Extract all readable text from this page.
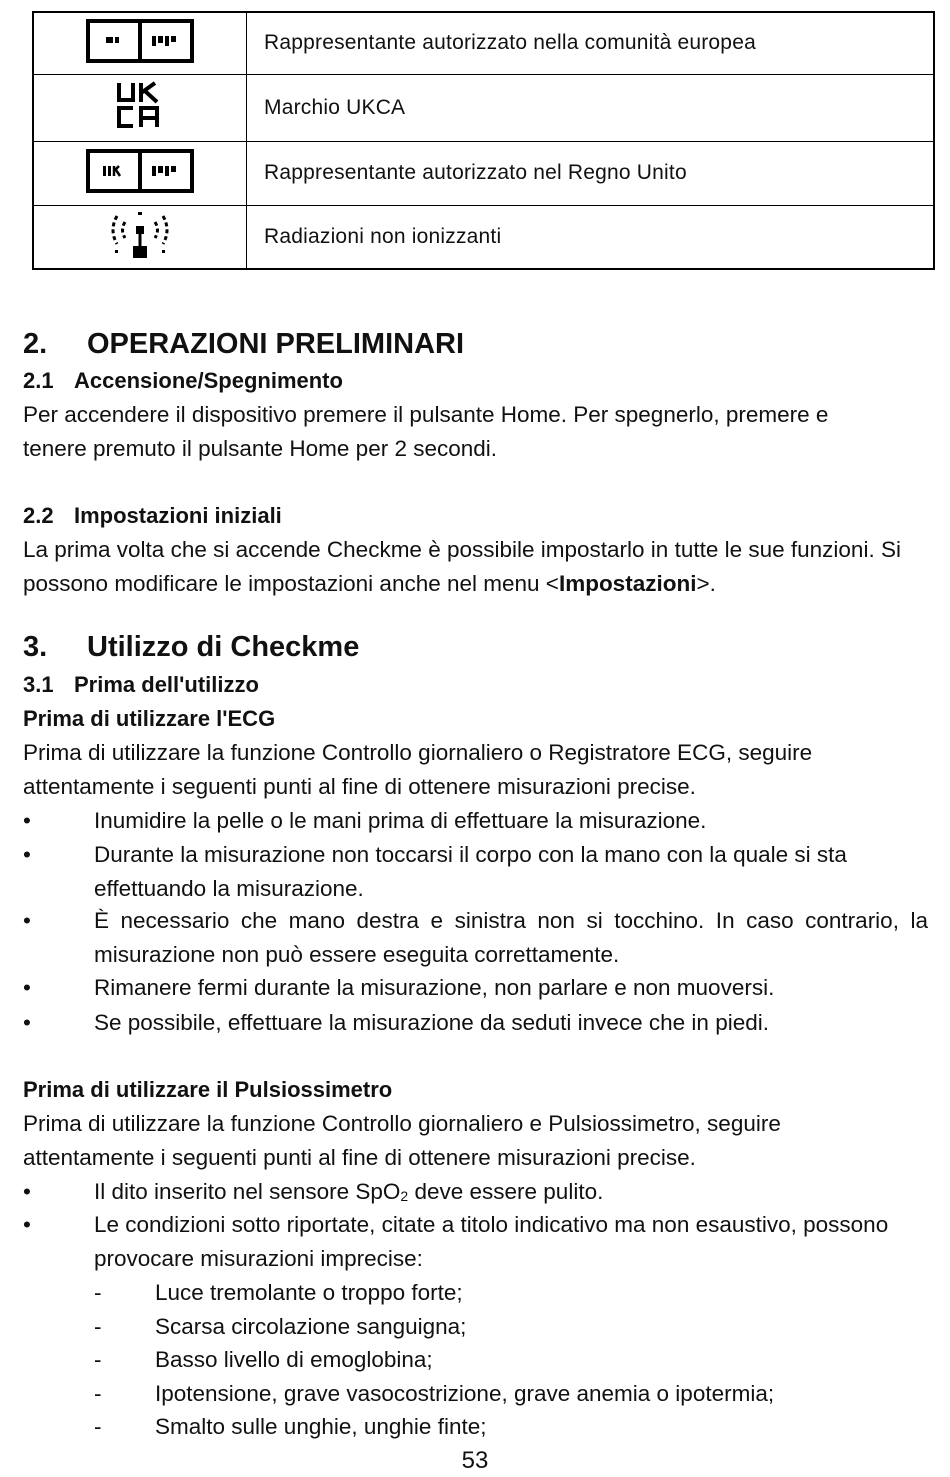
	Rappresentante autorizzato nella comunità europea
	Marchio UKCA
	Rappresentante autorizzato nel Regno Unito
	Radiazioni non ionizzanti
2. OPERAZIONI PRELIMINARI
2.1 Accensione/Spegnimento
Per accendere il dispositivo premere il pulsante Home. Per spegnerlo, premere e
tenere premuto il pulsante Home per 2 secondi.
2.2 Impostazioni iniziali
La prima volta che si accende Checkme è possibile impostarlo in tutte le sue funzioni. Si
possono modificare le impostazioni anche nel menu <Impostazioni>.
3. Utilizzo di Checkme
3.1 Prima dell'utilizzo
Prima di utilizzare l'ECG
Prima di utilizzare la funzione Controllo giornaliero o Registratore ECG, seguire
attentamente i seguenti punti al fine di ottenere misurazioni precise.
•	Inumidire la pelle o le mani prima di effettuare la misurazione.
•	Durante la misurazione non toccarsi il corpo con la mano con la quale si sta
effettuando la misurazione.
•	È necessario che mano destra e sinistra non si tocchino. In caso contrario, la
misurazione non può essere eseguita correttamente.
•	Rimanere fermi durante la misurazione, non parlare e non muoversi.
•	Se possibile, effettuare la misurazione da seduti invece che in piedi.
Prima di utilizzare il Pulsiossimetro
Prima di utilizzare la funzione Controllo giornaliero e Pulsiossimetro, seguire
attentamente i seguenti punti al fine di ottenere misurazioni precise.
•	Il dito inserito nel sensore SpO$_2$ deve essere pulito.
•	Le condizioni sotto riportate, citate a titolo indicativo ma non esaustivo, possono
provocare misurazioni imprecise:
- Luce tremolante o troppo forte;
- Scarsa circolazione sanguigna;
- Basso livello di emoglobina;
- Ipotensione, grave vasocostrizione, grave anemia o ipotermia;
- Smalto sulle unghie, unghie finte;
53
